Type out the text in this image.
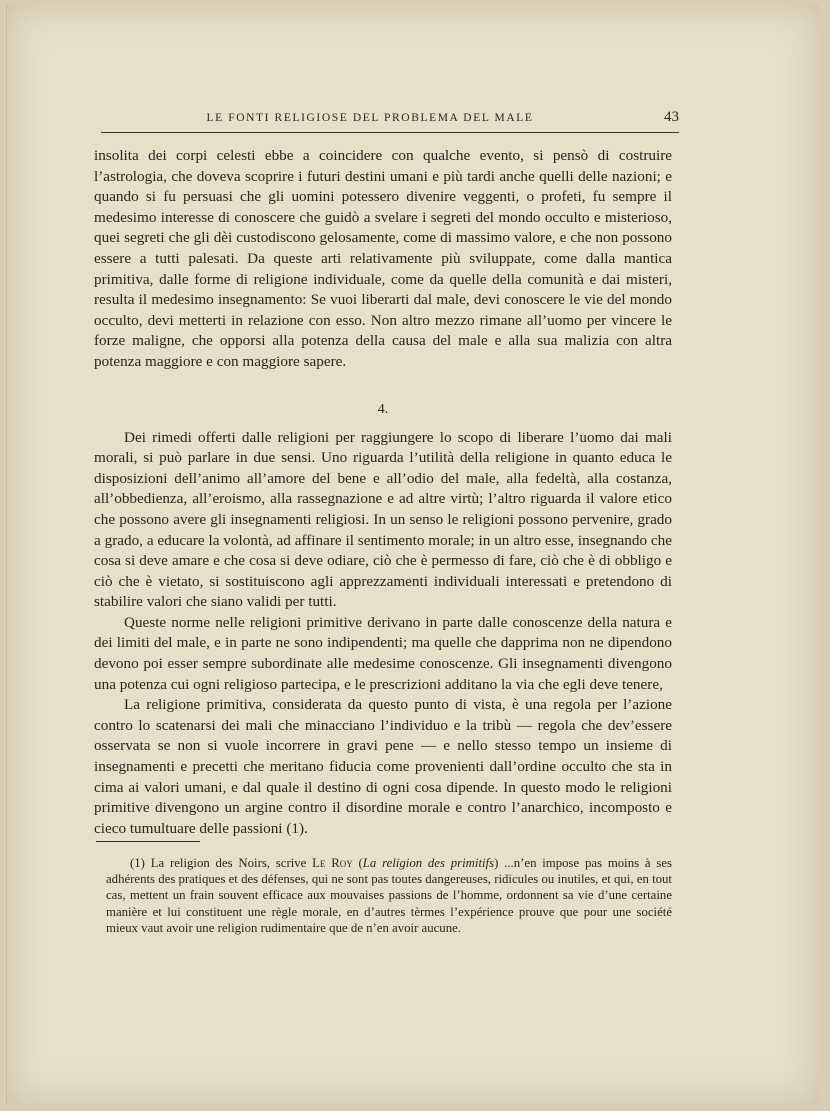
LE FONTI RELIGIOSE DEL PROBLEMA DEL MALE	43

insolita dei corpi celesti ebbe a coincidere con qualche evento, si pensò di costruire l’astrologia, che doveva scoprire i futuri destini umani e più tardi anche quelli delle nazioni; e quando si fu persuasi che gli uomini potessero divenire veggenti, o profeti, fu sempre il medesimo interesse di conoscere che guidò a svelare i segreti del mondo occulto e misterioso, quei segreti che gli dèi custodiscono gelosamente, come di massimo valore, e che non possono essere a tutti palesati. Da queste arti relativamente più sviluppate, come dalla mantica primitiva, dalle forme di religione individuale, come da quelle della comunità e dai misteri, resulta il medesimo insegnamento: Se vuoi liberarti dal male, devi conoscere le vie del mondo occulto, devi metterti in relazione con esso. Non altro mezzo rimane all’uomo per vincere le forze maligne, che opporsi alla potenza della causa del male e alla sua malizia con altra potenza maggiore e con maggiore sapere.

4.

Dei rimedi offerti dalle religioni per raggiungere lo scopo di liberare l’uomo dai mali morali, si può parlare in due sensi. Uno riguarda l’utilità della religione in quanto educa le disposizioni dell’animo all’amore del bene e all’odio del male, alla fedeltà, alla costanza, all’obbedienza, all’eroismo, alla rassegnazione e ad altre virtù; l’altro riguarda il valore etico che possono avere gli insegnamenti religiosi. In un senso le religioni possono pervenire, grado a grado, a educare la volontà, ad affinare il sentimento morale; in un altro esse, insegnando che cosa si deve amare e che cosa si deve odiare, ciò che è permesso di fare, ciò che è di obbligo e ciò che è vietato, si sostituiscono agli apprezzamenti individuali interessati e pretendono di stabilire valori che siano validi per tutti.

Queste norme nelle religioni primitive derivano in parte dalle conoscenze della natura e dei limiti del male, e in parte ne sono indipendenti; ma quelle che dapprima non ne dipendono devono poi esser sempre subordinate alle medesime conoscenze. Gli insegnamenti divengono una potenza cui ogni religioso partecipa, e le prescrizioni additano la via che egli deve tenere,

La religione primitiva, considerata da questo punto di vista, è una regola per l’azione contro lo scatenarsi dei mali che minacciano l’individuo e la tribù — regola che dev’essere osservata se non si vuole incorrere in gravi pene — e nello stesso tempo un insieme di insegnamenti e precetti che meritano fiducia come provenienti dall’ordine occulto che sta in cima ai valori umani, e dal quale il destino di ogni cosa dipende. In questo modo le religioni primitive divengono un argine contro il disordine morale e contro l’anarchico, incomposto e cieco tumultuare delle passioni (1).

(1) La religion des Noirs, scrive Le Roy (La religion des primitifs) ...n’en impose pas moins à ses adhérents des pratiques et des défenses, qui ne sont pas toutes dangereuses, ridicules ou inutiles, et qui, en tout cas, mettent un frain souvent efficace aux mouvaises passions de l’homme, ordonnent sa vie d’une certaine manière et lui constituent une règle morale, en d’autres tèrmes l’expérience prouve que pour une société mieux vaut avoir une religion rudimentaire que de n’en avoir aucune.
